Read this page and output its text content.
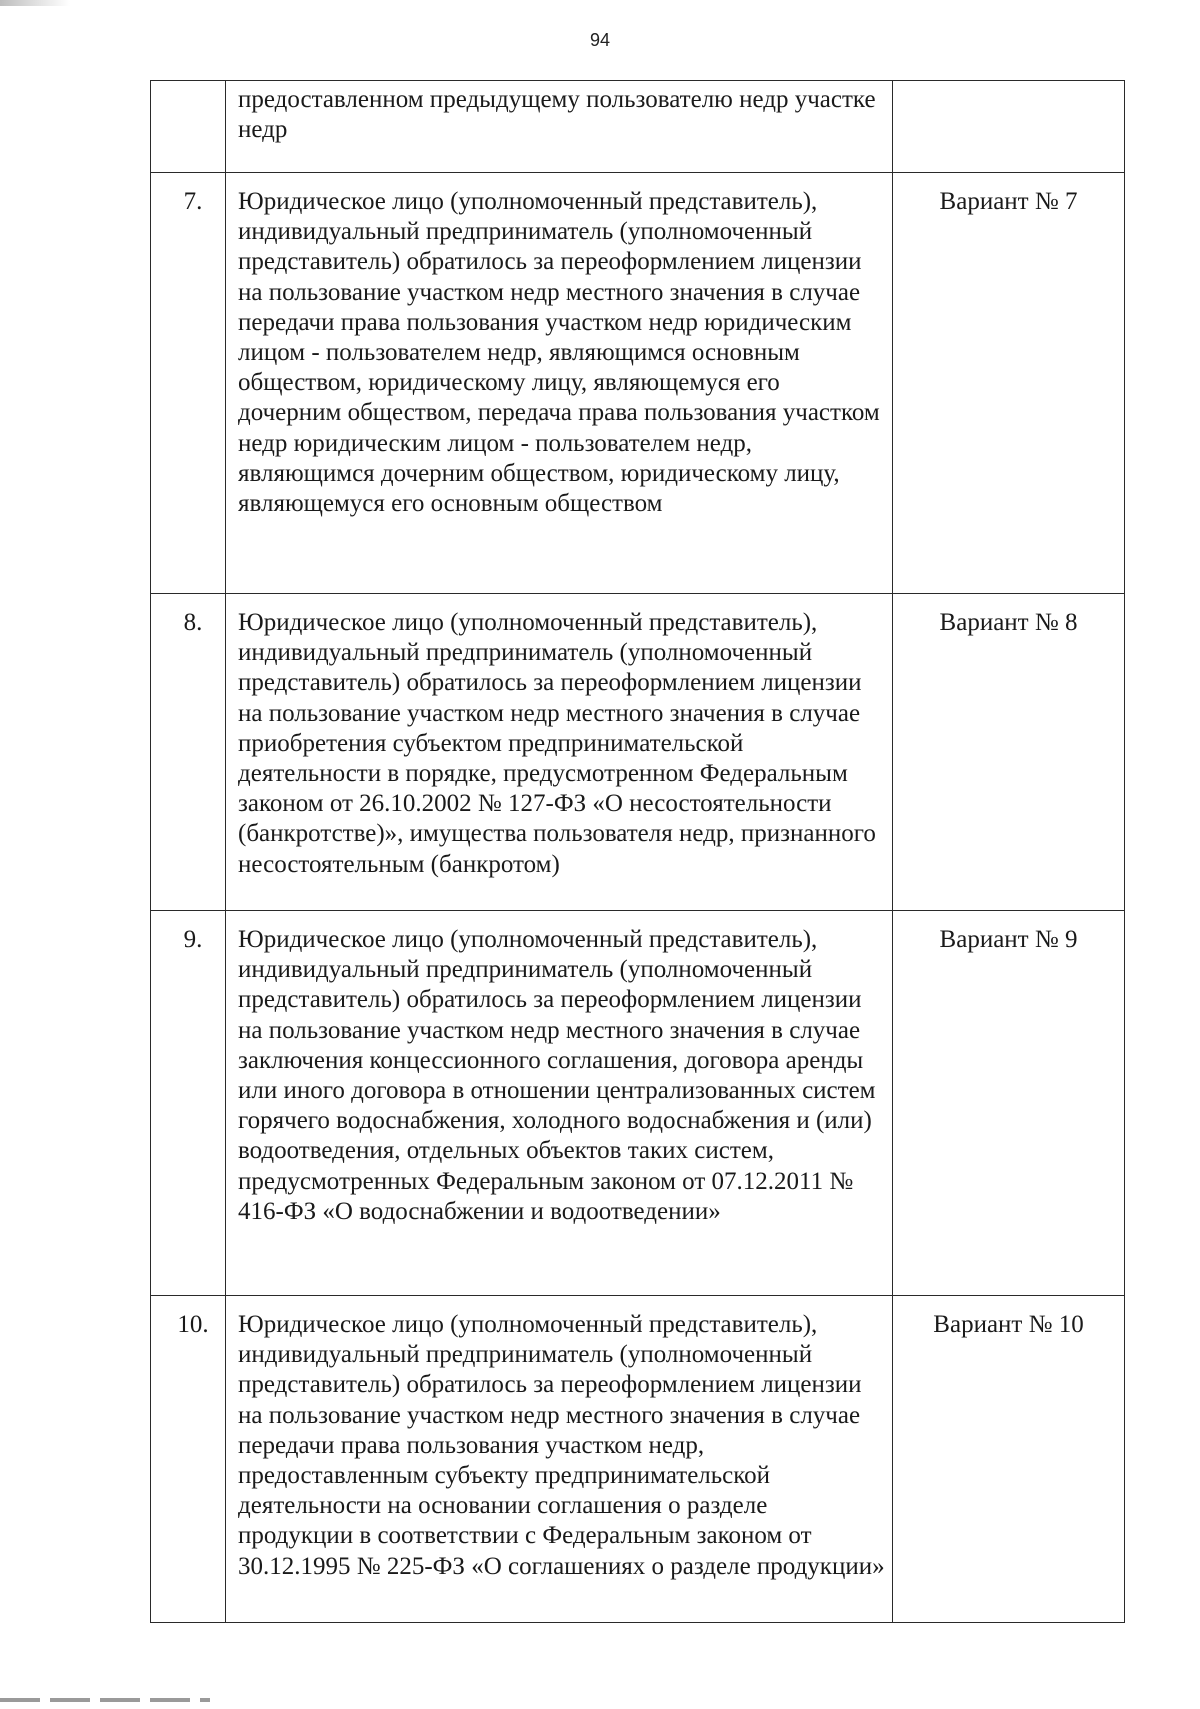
94

	предоставленном предыдущему пользователю недр участке недр	

7.	Юридическое лицо (уполномоченный представитель), индивидуальный предприниматель (уполномоченный представитель) обратилось за переоформлением лицензии на пользование участком недр местного значения в случае передачи права пользования участком недр юридическим лицом - пользователем недр, являющимся основным обществом, юридическому лицу, являющемуся его дочерним обществом, передача права пользования участком недр юридическим лицом - пользователем недр, являющимся дочерним обществом, юридическому лицу, являющемуся его основным обществом	Вариант № 7
8.	Юридическое лицо (уполномоченный представитель), индивидуальный предприниматель (уполномоченный представитель) обратилось за переоформлением лицензии на пользование участком недр местного значения в случае приобретения субъектом предпринимательской деятельности в порядке, предусмотренном Федеральным законом от 26.10.2002 № 127-ФЗ «О несостоятельности (банкротстве)», имущества пользователя недр, признанного несостоятельным (банкротом)	Вариант № 8
9.	Юридическое лицо (уполномоченный представитель), индивидуальный предприниматель (уполномоченный представитель) обратилось за переоформлением лицензии на пользование участком недр местного значения в случае заключения концессионного соглашения, договора аренды или иного договора в отношении централизованных систем горячего водоснабжения, холодного водоснабжения и (или) водоотведения, отдельных объектов таких систем, предусмотренных Федеральным законом от 07.12.2011 № 416-ФЗ «О водоснабжении и водоотведении»	Вариант № 9
10.	Юридическое лицо (уполномоченный представитель), индивидуальный предприниматель (уполномоченный представитель) обратилось за переоформлением лицензии на пользование участком недр местного значения в случае передачи права пользования участком недр, предоставленным субъекту предпринимательской деятельности на основании соглашения о разделе продукции в соответствии с Федеральным законом от 30.12.1995 № 225-ФЗ «О соглашениях о разделе продукции»	Вариант № 10
